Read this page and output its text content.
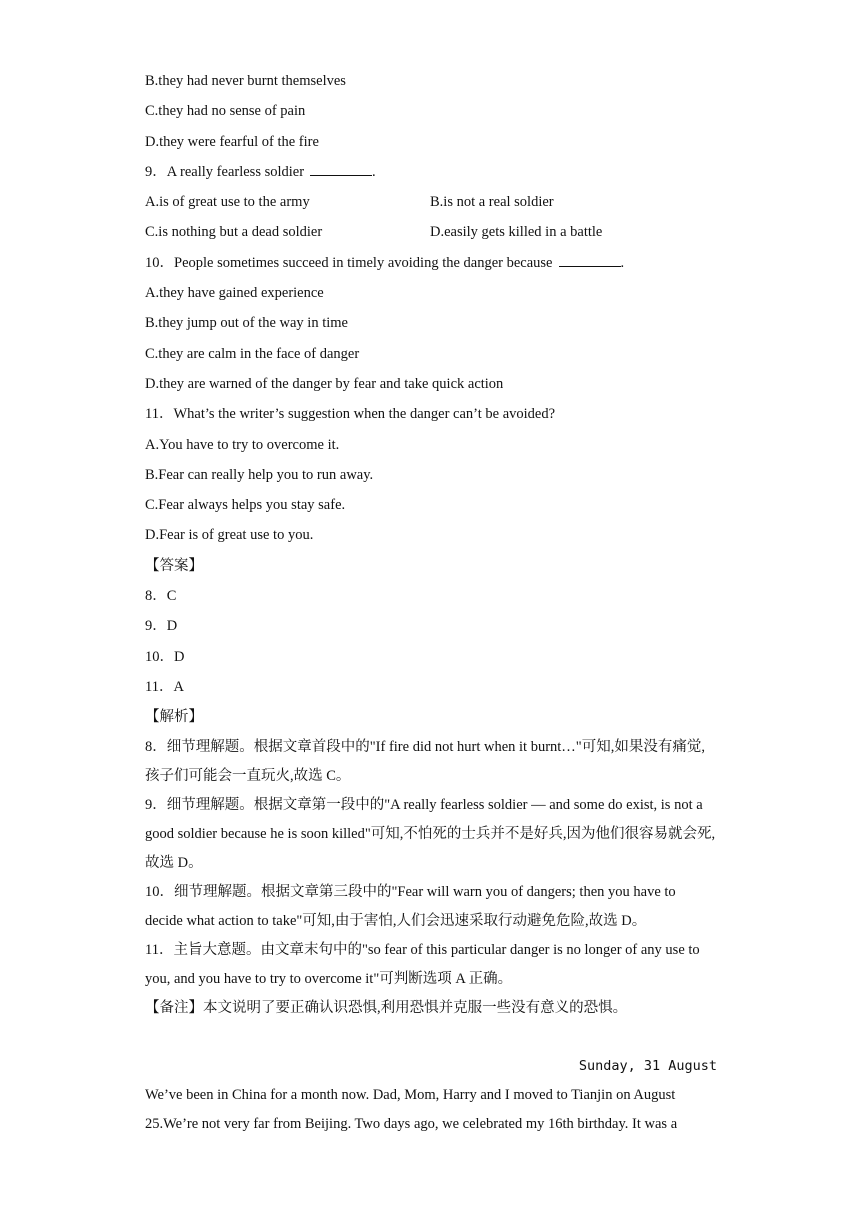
B.they had never burnt themselves
C.they had no sense of pain
D.they were fearful of the fire
9．A really fearless soldier	.
A.is of great use to the army	B.is not a real soldier
C.is nothing but a dead soldier	D.easily gets killed in a battle
10．People sometimes succeed in timely avoiding the danger because	.
A.they have gained experience
B.they jump out of the way in time
C.they are calm in the face of danger
D.they are warned of the danger by fear and take quick action
11．What’s the writer’s suggestion when the danger can’t be avoided?
A.You have to try to overcome it.
B.Fear can really help you to run away.
C.Fear always helps you stay safe.
D.Fear is of great use to you.
【答案】
8．C
9．D
10．D
11．A
【解析】
8．细节理解题。根据文章首段中的"If fire did not hurt when it burnt…"可知,如果没有痛觉,孩子们可能会一直玩火,故选 C。
9．细节理解题。根据文章第一段中的"A really fearless soldier — and some do exist, is not a good soldier because he is soon killed"可知,不怕死的士兵并不是好兵,因为他们很容易就会死,故选 D。
10．细节理解题。根据文章第三段中的"Fear will warn you of dangers; then you have to decide what action to take"可知,由于害怕,人们会迅速采取行动避免危险,故选 D。
11．主旨大意题。由文章末句中的"so fear of this particular danger is no longer of any use to you, and you have to try to overcome it"可判断选项 A 正确。
【备注】本文说明了要正确认识恐惧,利用恐惧并克服一些没有意义的恐惧。
Sunday, 31 August
We’ve been in China for a month now. Dad, Mom, Harry and I moved to Tianjin on August 25.We’re not very far from Beijing. Two days ago, we celebrated my 16th birthday. It was a
